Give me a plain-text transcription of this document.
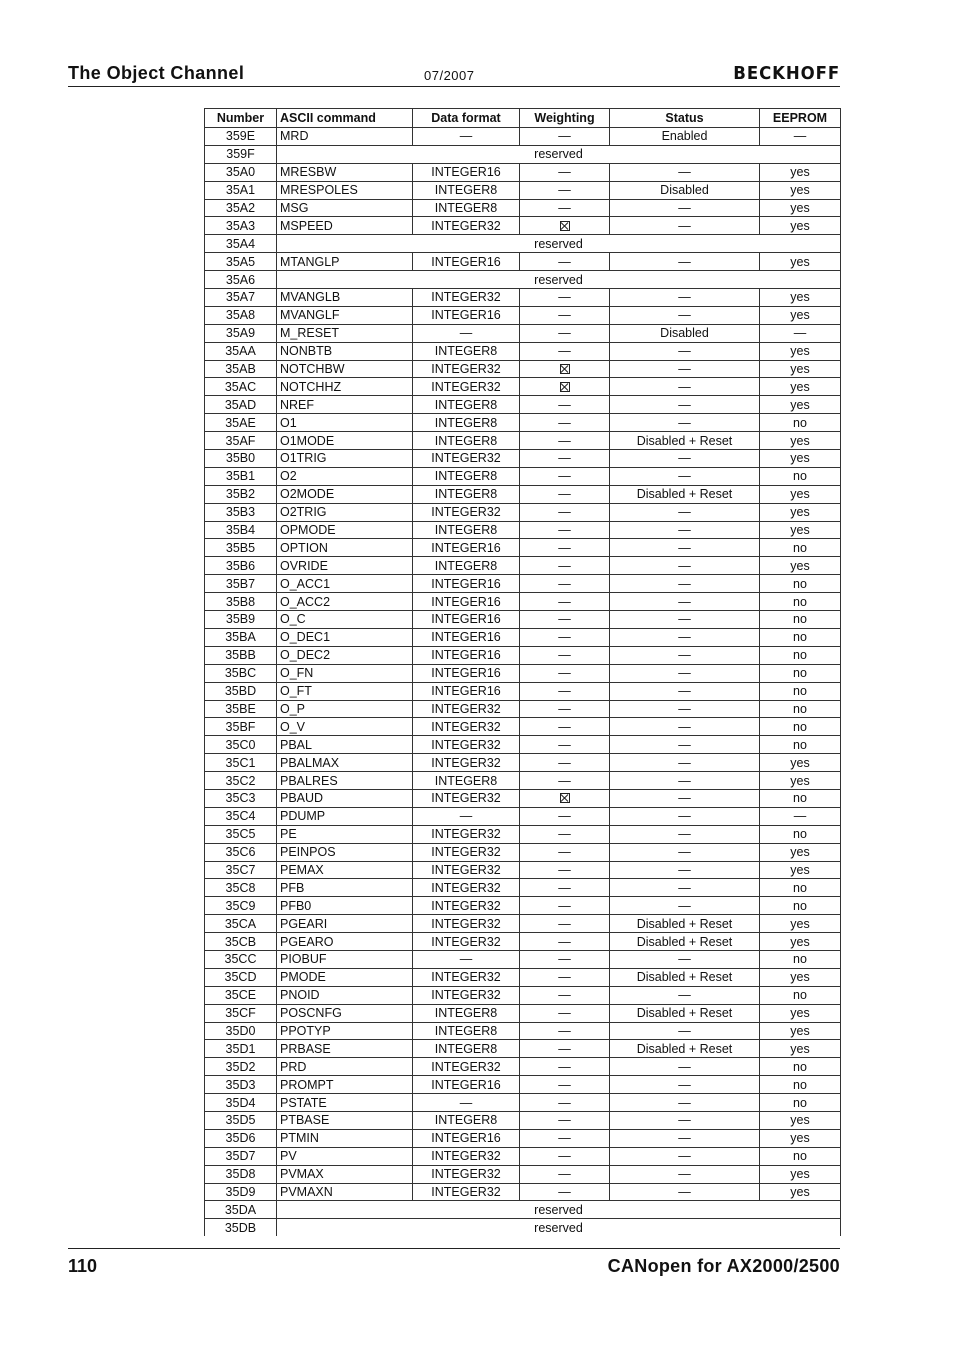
The Object Channel	07/2007	BECKHOFF
Number	ASCII command	Data format	Weighting	Status	EEPROM
359E	MRD	—	—	Enabled	—
359F	reserved				
35A0	MRESBW	INTEGER16	—	—	yes
35A1	MRESPOLES	INTEGER8	—	Disabled	yes
35A2	MSG	INTEGER8	—	—	yes
35A3	MSPEED	INTEGER32		—	yes
35A4	reserved				
35A5	MTANGLP	INTEGER16	—	—	yes
35A6	reserved				
35A7	MVANGLB	INTEGER32	—	—	yes
35A8	MVANGLF	INTEGER16	—	—	yes
35A9	M_RESET	—	—	Disabled	—
35AA	NONBTB	INTEGER8	—	—	yes
35AB	NOTCHBW	INTEGER32		—	yes
35AC	NOTCHHZ	INTEGER32		—	yes
35AD	NREF	INTEGER8	—	—	yes
35AE	O1	INTEGER8	—	—	no
35AF	O1MODE	INTEGER8	—	Disabled + Reset	yes
35B0	O1TRIG	INTEGER32	—	—	yes
35B1	O2	INTEGER8	—	—	no
35B2	O2MODE	INTEGER8	—	Disabled + Reset	yes
35B3	O2TRIG	INTEGER32	—	—	yes
35B4	OPMODE	INTEGER8	—	—	yes
35B5	OPTION	INTEGER16	—	—	no
35B6	OVRIDE	INTEGER8	—	—	yes
35B7	O_ACC1	INTEGER16	—	—	no
35B8	O_ACC2	INTEGER16	—	—	no
35B9	O_C	INTEGER16	—	—	no
35BA	O_DEC1	INTEGER16	—	—	no
35BB	O_DEC2	INTEGER16	—	—	no
35BC	O_FN	INTEGER16	—	—	no
35BD	O_FT	INTEGER16	—	—	no
35BE	O_P	INTEGER32	—	—	no
35BF	O_V	INTEGER32	—	—	no
35C0	PBAL	INTEGER32	—	—	no
35C1	PBALMAX	INTEGER32	—	—	yes
35C2	PBALRES	INTEGER8	—	—	yes
35C3	PBAUD	INTEGER32		—	no
35C4	PDUMP	—	—	—	—
35C5	PE	INTEGER32	—	—	no
35C6	PEINPOS	INTEGER32	—	—	yes
35C7	PEMAX	INTEGER32	—	—	yes
35C8	PFB	INTEGER32	—	—	no
35C9	PFB0	INTEGER32	—	—	no
35CA	PGEARI	INTEGER32	—	Disabled + Reset	yes
35CB	PGEARO	INTEGER32	—	Disabled + Reset	yes
35CC	PIOBUF	—	—	—	no
35CD	PMODE	INTEGER32	—	Disabled + Reset	yes
35CE	PNOID	INTEGER32	—	—	no
35CF	POSCNFG	INTEGER8	—	Disabled + Reset	yes
35D0	PPOTYP	INTEGER8	—	—	yes
35D1	PRBASE	INTEGER8	—	Disabled + Reset	yes
35D2	PRD	INTEGER32	—	—	no
35D3	PROMPT	INTEGER16	—	—	no
35D4	PSTATE	—	—	—	no
35D5	PTBASE	INTEGER8	—	—	yes
35D6	PTMIN	INTEGER16	—	—	yes
35D7	PV	INTEGER32	—	—	no
35D8	PVMAX	INTEGER32	—	—	yes
35D9	PVMAXN	INTEGER32	—	—	yes
35DA	reserved				
35DB	reserved				
110	CANopen for AX2000/2500
